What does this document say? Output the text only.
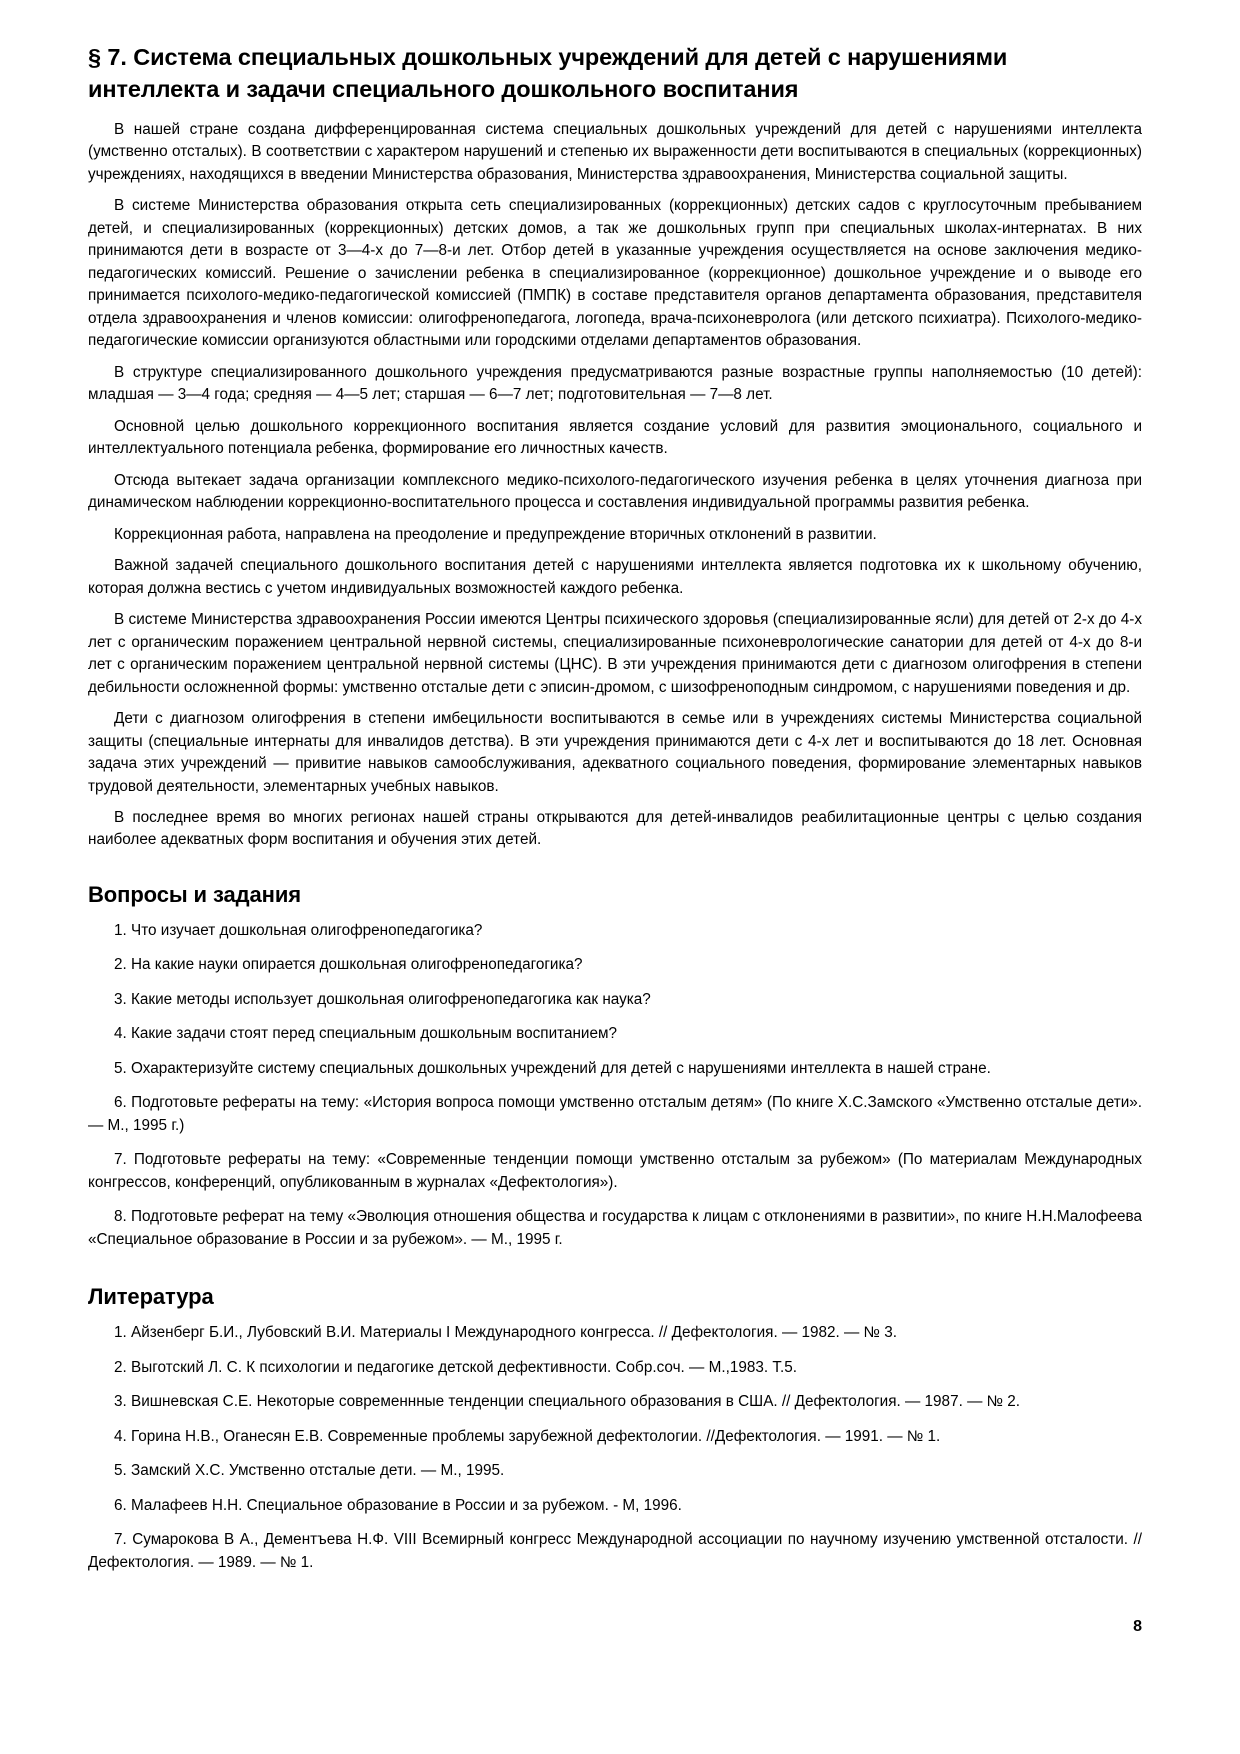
§ 7. Система специальных дошкольных учреждений для детей с нарушениями интеллекта и задачи специального дошкольного воспитания

В нашей стране создана дифференцированная система специальных дошкольных учреждений для детей с нарушениями интеллекта (умственно отсталых). В соответствии с характером нарушений и степенью их выраженности дети воспитываются в специальных (коррекционных) учреждениях, находящихся в введении Министерства образования, Министерства здравоохранения, Министерства социальной защиты.

В системе Министерства образования открыта сеть специализированных (коррекционных) детских садов с круглосуточным пребыванием детей, и специализированных (коррекционных) детских домов, а так же дошкольных групп при специальных школах-интернатах. В них принимаются дети в возрасте от 3—4-х до 7—8-и лет. Отбор детей в указанные учреждения осуществляется на основе заключения медико-педагогических комиссий. Решение о зачислении ребенка в специализированное (коррекционное) дошкольное учреждение и о выводе его принимается психолого-медико-педагогической комиссией (ПМПК) в составе представителя органов департамента образования, представителя отдела здравоохранения и членов комиссии: олигофренопедагога, логопеда, врача-психоневролога (или детского психиатра). Психолого-медико-педагогические комиссии организуются областными или городскими отделами департаментов образования.

В структуре специализированного дошкольного учреждения предусматриваются разные возрастные группы наполняемостью (10 детей): младшая — 3—4 года; средняя — 4—5 лет; старшая — 6—7 лет; подготовительная — 7—8 лет.

Основной целью дошкольного коррекционного воспитания является создание условий для развития эмоционального, социального и интеллектуального потенциала ребенка, формирование его личностных качеств.

Отсюда вытекает задача организации комплексного медико-психолого-педагогического изучения ребенка в целях уточнения диагноза при динамическом наблюдении коррекционно-воспитательного процесса и составления индивидуальной программы развития ребенка.

Коррекционная работа, направлена на преодоление и предупреждение вторичных отклонений в развитии.

Важной задачей специального дошкольного воспитания детей с нарушениями интеллекта является подготовка их к школьному обучению, которая должна вестись с учетом индивидуальных возможностей каждого ребенка.

В системе Министерства здравоохранения России имеются Центры психического здоровья (специализированные ясли) для детей от 2-х до 4-х лет с органическим поражением центральной нервной системы, специализированные психоневрологические санатории для детей от 4-х до 8-и лет с органическим поражением центральной нервной системы (ЦНС). В эти учреждения принимаются дети с диагнозом олигофрения в степени дебильности осложненной формы: умственно отсталые дети с эписин-дромом, с шизофреноподным синдромом, с нарушениями поведения и др.

Дети с диагнозом олигофрения в степени имбецильности воспитываются в семье или в учреждениях системы Министерства социальной защиты (специальные интернаты для инвалидов детства). В эти учреждения принимаются дети с 4-х лет и воспитываются до 18 лет. Основная задача этих учреждений — привитие навыков самообслуживания, адекватного социального поведения, формирование элементарных навыков трудовой деятельности, элементарных учебных навыков.

В последнее время во многих регионах нашей страны открываются для детей-инвалидов реабилитационные центры с целью создания наиболее адекватных форм воспитания и обучения этих детей.

Вопросы и задания
1. Что изучает дошкольная олигофренопедагогика?
2. На какие науки опирается дошкольная олигофренопедагогика?
3. Какие методы использует дошкольная олигофренопедагогика как наука?
4. Какие задачи стоят перед специальным дошкольным воспитанием?
5. Охарактеризуйте систему специальных дошкольных учреждений для детей с нарушениями интеллекта в нашей стране.
6. Подготовьте рефераты на тему: «История вопроса помощи умственно отсталым детям» (По книге Х.С.Замского «Умственно отсталые дети». — М., 1995 г.)
7. Подготовьте рефераты на тему: «Современные тенденции помощи умственно отсталым за рубежом» (По материалам Международных конгрессов, конференций, опубликованным в журналах «Дефектология»).
8. Подготовьте реферат на тему «Эволюция отношения общества и государства к лицам с отклонениями в развитии», по книге Н.Н.Малофеева «Специальное образование в России и за рубежом». — М., 1995 г.
Литература
1. Айзенберг Б.И., Лубовский В.И. Материалы I Международного конгресса. // Дефектология. — 1982. — № 3.
2. Выготский Л. С. К психологии и педагогике детской дефективности. Собр.соч. — М.,1983. Т.5.
3. Вишневская С.Е. Некоторые современнные тенденции специального образования в США. // Дефектология. — 1987. — № 2.
4. Горина Н.В., Оганесян Е.В. Современные проблемы зарубежной дефектологии. //Дефектология. — 1991. — № 1.
5. Замский Х.С. Умственно отсталые дети. — М., 1995.
6. Малафеев Н.Н. Специальное образование в России и за рубежом. - М, 1996.
7. Сумарокова В А., Дементъева Н.Ф. VIII Всемирный конгресс Международной ассоциации по научному изучению умственной отсталости. // Дефектология. — 1989. — № 1.
8
